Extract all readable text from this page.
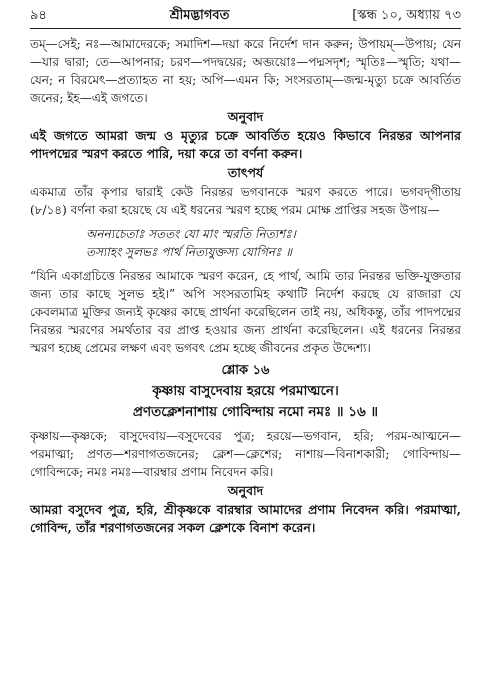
৯৪	শ্রীমদ্ভাগবত	[স্কন্ধ ১০, অধ্যায় ৭৩

তম্—সেই; নঃ—আমাদেরকে; সমাদিশ—দয়া করে নির্দেশ দান করুন; উপায়ম্—উপায়; যেন—যার দ্বারা; তে—আপনার; চরণ—পদদ্বয়ের; অব্জয়োঃ—পদ্মসদৃশ; স্মৃতিঃ—স্মৃতি; যথা—যেন; ন বিরমেৎ—প্রত্যাহত না হয়; অপি—এমন কি; সংসরতাম্—জন্ম-মৃত্যু চক্রে আবর্তিত জনের; ইহ—এই জগতে।

অনুবাদ

এই জগতে আমরা জন্ম ও মৃত্যুর চক্রে আবর্তিত হয়েও কিভাবে নিরন্তর আপনার পাদপদ্মের স্মরণ করতে পারি, দয়া করে তা বর্ণনা করুন।

তাৎপর্য

একমাত্র তাঁর কৃপার দ্বারাই কেউ নিরন্তর ভগবানকে স্মরণ করতে পারে। ভগবদ্‌গীতায় (৮/১৪) বর্ণনা করা হয়েছে যে এই ধরনের স্মরণ হচ্ছে পরম মোক্ষ প্রাপ্তির সহজ উপায়—

অনন্যচেতাঃ সততং যো মাং স্মরতি নিত্যশঃ।
তস্যাহং সুলভঃ পার্থ নিত্যযুক্তস্য যোগিনঃ ॥

“যিনি একাগ্রচিত্তে নিরন্তর আমাকে স্মরণ করেন, হে পার্থ, আমি তার নিরন্তর ভক্তি-যুক্ততার জন্য তার কাছে সুলভ হই।” অপি সংসরতামিহ কথাটি নির্দেশ করছে যে রাজারা যে কেবলমাত্র মুক্তির জন্যই কৃষ্ণের কাছে প্রার্থনা করেছিলেন তাই নয়, অধিকন্তু, তাঁর পাদপদ্মের নিরন্তর স্মরণের সমর্থতার বর প্রাপ্ত হওয়ার জন্য প্রার্থনা করেছিলেন। এই ধরনের নিরন্তর স্মরণ হচ্ছে প্রেমের লক্ষণ এবং ভগবৎ প্রেম হচ্ছে জীবনের প্রকৃত উদ্দেশ্য।

শ্লোক ১৬
কৃষ্ণায় বাসুদেবায় হরয়ে পরমাত্মনে।
প্রণতক্লেশনাশায় গোবিন্দায় নমো নমঃ ॥ ১৬ ॥

কৃষ্ণায়—কৃষ্ণকে; বাসুদেবায়—বসুদেবের পুত্র; হরয়ে—ভগবান, হরি; পরম-আত্মনে—পরমাত্মা; প্রণত—শরণাগতজনের; ক্লেশ—ক্লেশের; নাশায়—বিনাশকারী; গোবিন্দায়—গোবিন্দকে; নমঃ নমঃ—বারম্বার প্রণাম নিবেদন করি।

অনুবাদ

আমরা বসুদেব পুত্র, হরি, শ্রীকৃষ্ণকে বারম্বার আমাদের প্রণাম নিবেদন করি। পরমাত্মা, গোবিন্দ, তাঁর শরণাগতজনের সকল ক্লেশকে বিনাশ করেন।
